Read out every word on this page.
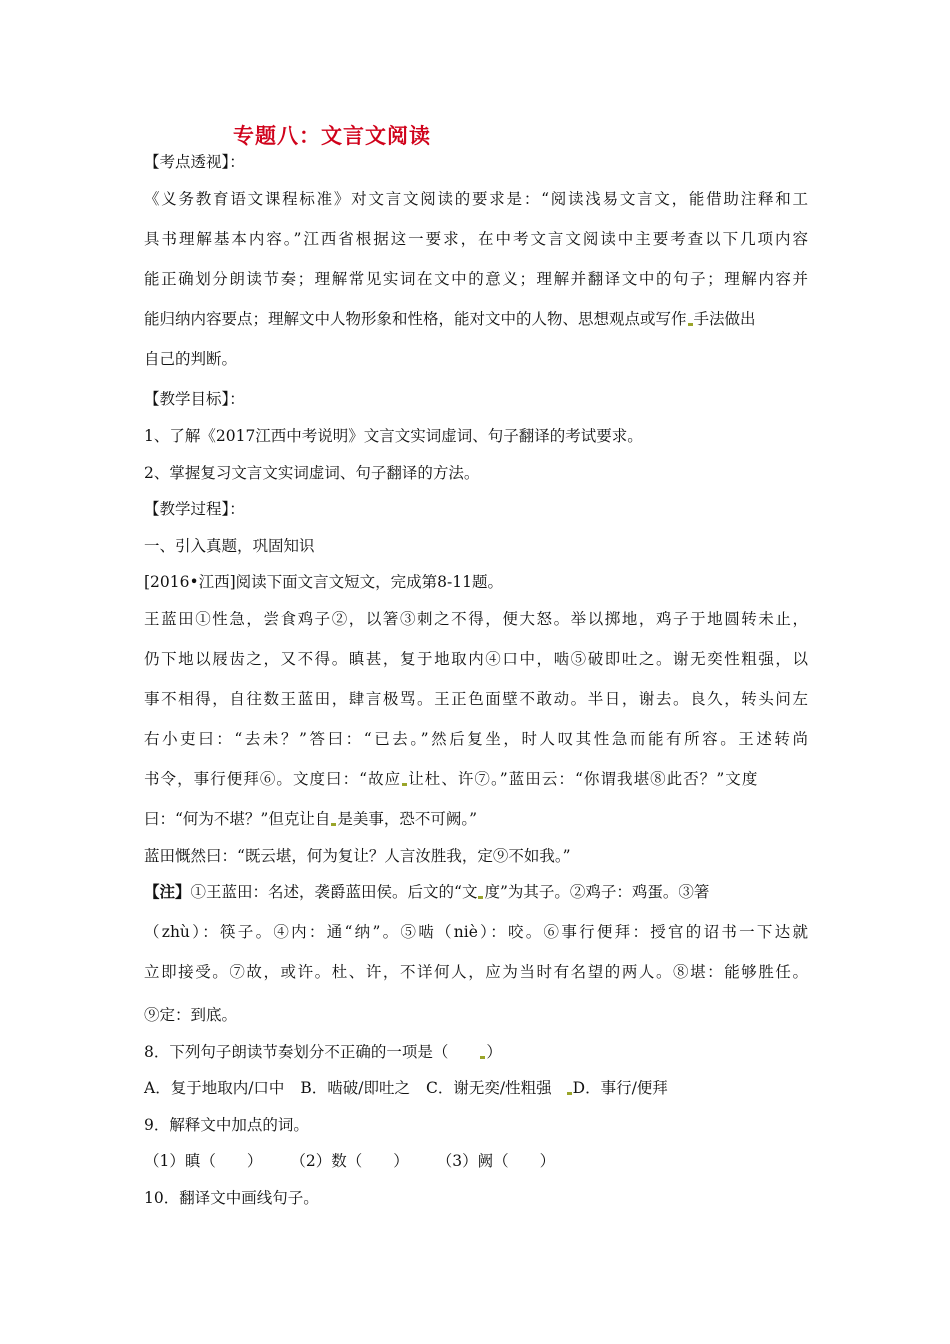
专题八：文言文阅读
【考点透视】：
《义务教育语文课程标准》对文言文阅读的要求是：“阅读浅易文言文，能借助注释和工
具书理解基本内容。”江西省根据这一要求，在中考文言文阅读中主要考查以下几项内容
能正确划分朗读节奏；理解常见实词在文中的意义；理解并翻译文中的句子；理解内容并
能归纳内容要点；理解文中人物形象和性格，能对文中的人物、思想观点或写作 手法做出
自己的判断。
【教学目标】：
1、了解《2017江西中考说明》文言文实词虚词、句子翻译的考试要求。
2、掌握复习文言文实词虚词、句子翻译的方法。
【教学过程】：
一、引入真题，巩固知识
[2016•江西]阅读下面文言文短文，完成第8-11题。
王蓝田①性急，尝食鸡子②，以箸③刺之不得，便大怒。举以掷地，鸡子于地圆转未止，
仍下地以屐齿之，又不得。瞋甚，复于地取内④口中，啮⑤破即吐之。谢无奕性粗强，以
事不相得，自往数王蓝田，肆言极骂。王正色面壁不敢动。半日，谢去。良久，转头问左
右小吏曰：“去未？”答曰：“已去。”然后复坐，时人叹其性急而能有所容。王述转尚
书令，事行便拜⑥。文度曰：“故应 让杜、许⑦。”蓝田云：“你谓我堪⑧此否？”文度
曰：“何为不堪？”但克让自 是美事，恐不可阙。”
蓝田慨然曰：“既云堪，何为复让？人言汝胜我，定⑨不如我。”
【注】①王蓝田：名述，袭爵蓝田侯。后文的“文 度”为其子。②鸡子：鸡蛋。③箸
（zhù）：筷子。④内：通“纳”。⑤啮（niè）：咬。⑥事行便拜：授官的诏书一下达就
立即接受。⑦故，或许。杜、许，不详何人，应为当时有名望的两人。⑧堪：能够胜任。
⑨定：到底。
8．下列句子朗读节奏划分不正确的一项是（　　）
A．复于地取内/口中 B．啮破/即吐之 C．谢无奕/性粗强 D．事行/便拜
9．解释文中加点的词。
（1）瞋（　　） （2）数（　　） （3）阙（　　）
10．翻译文中画线句子。
